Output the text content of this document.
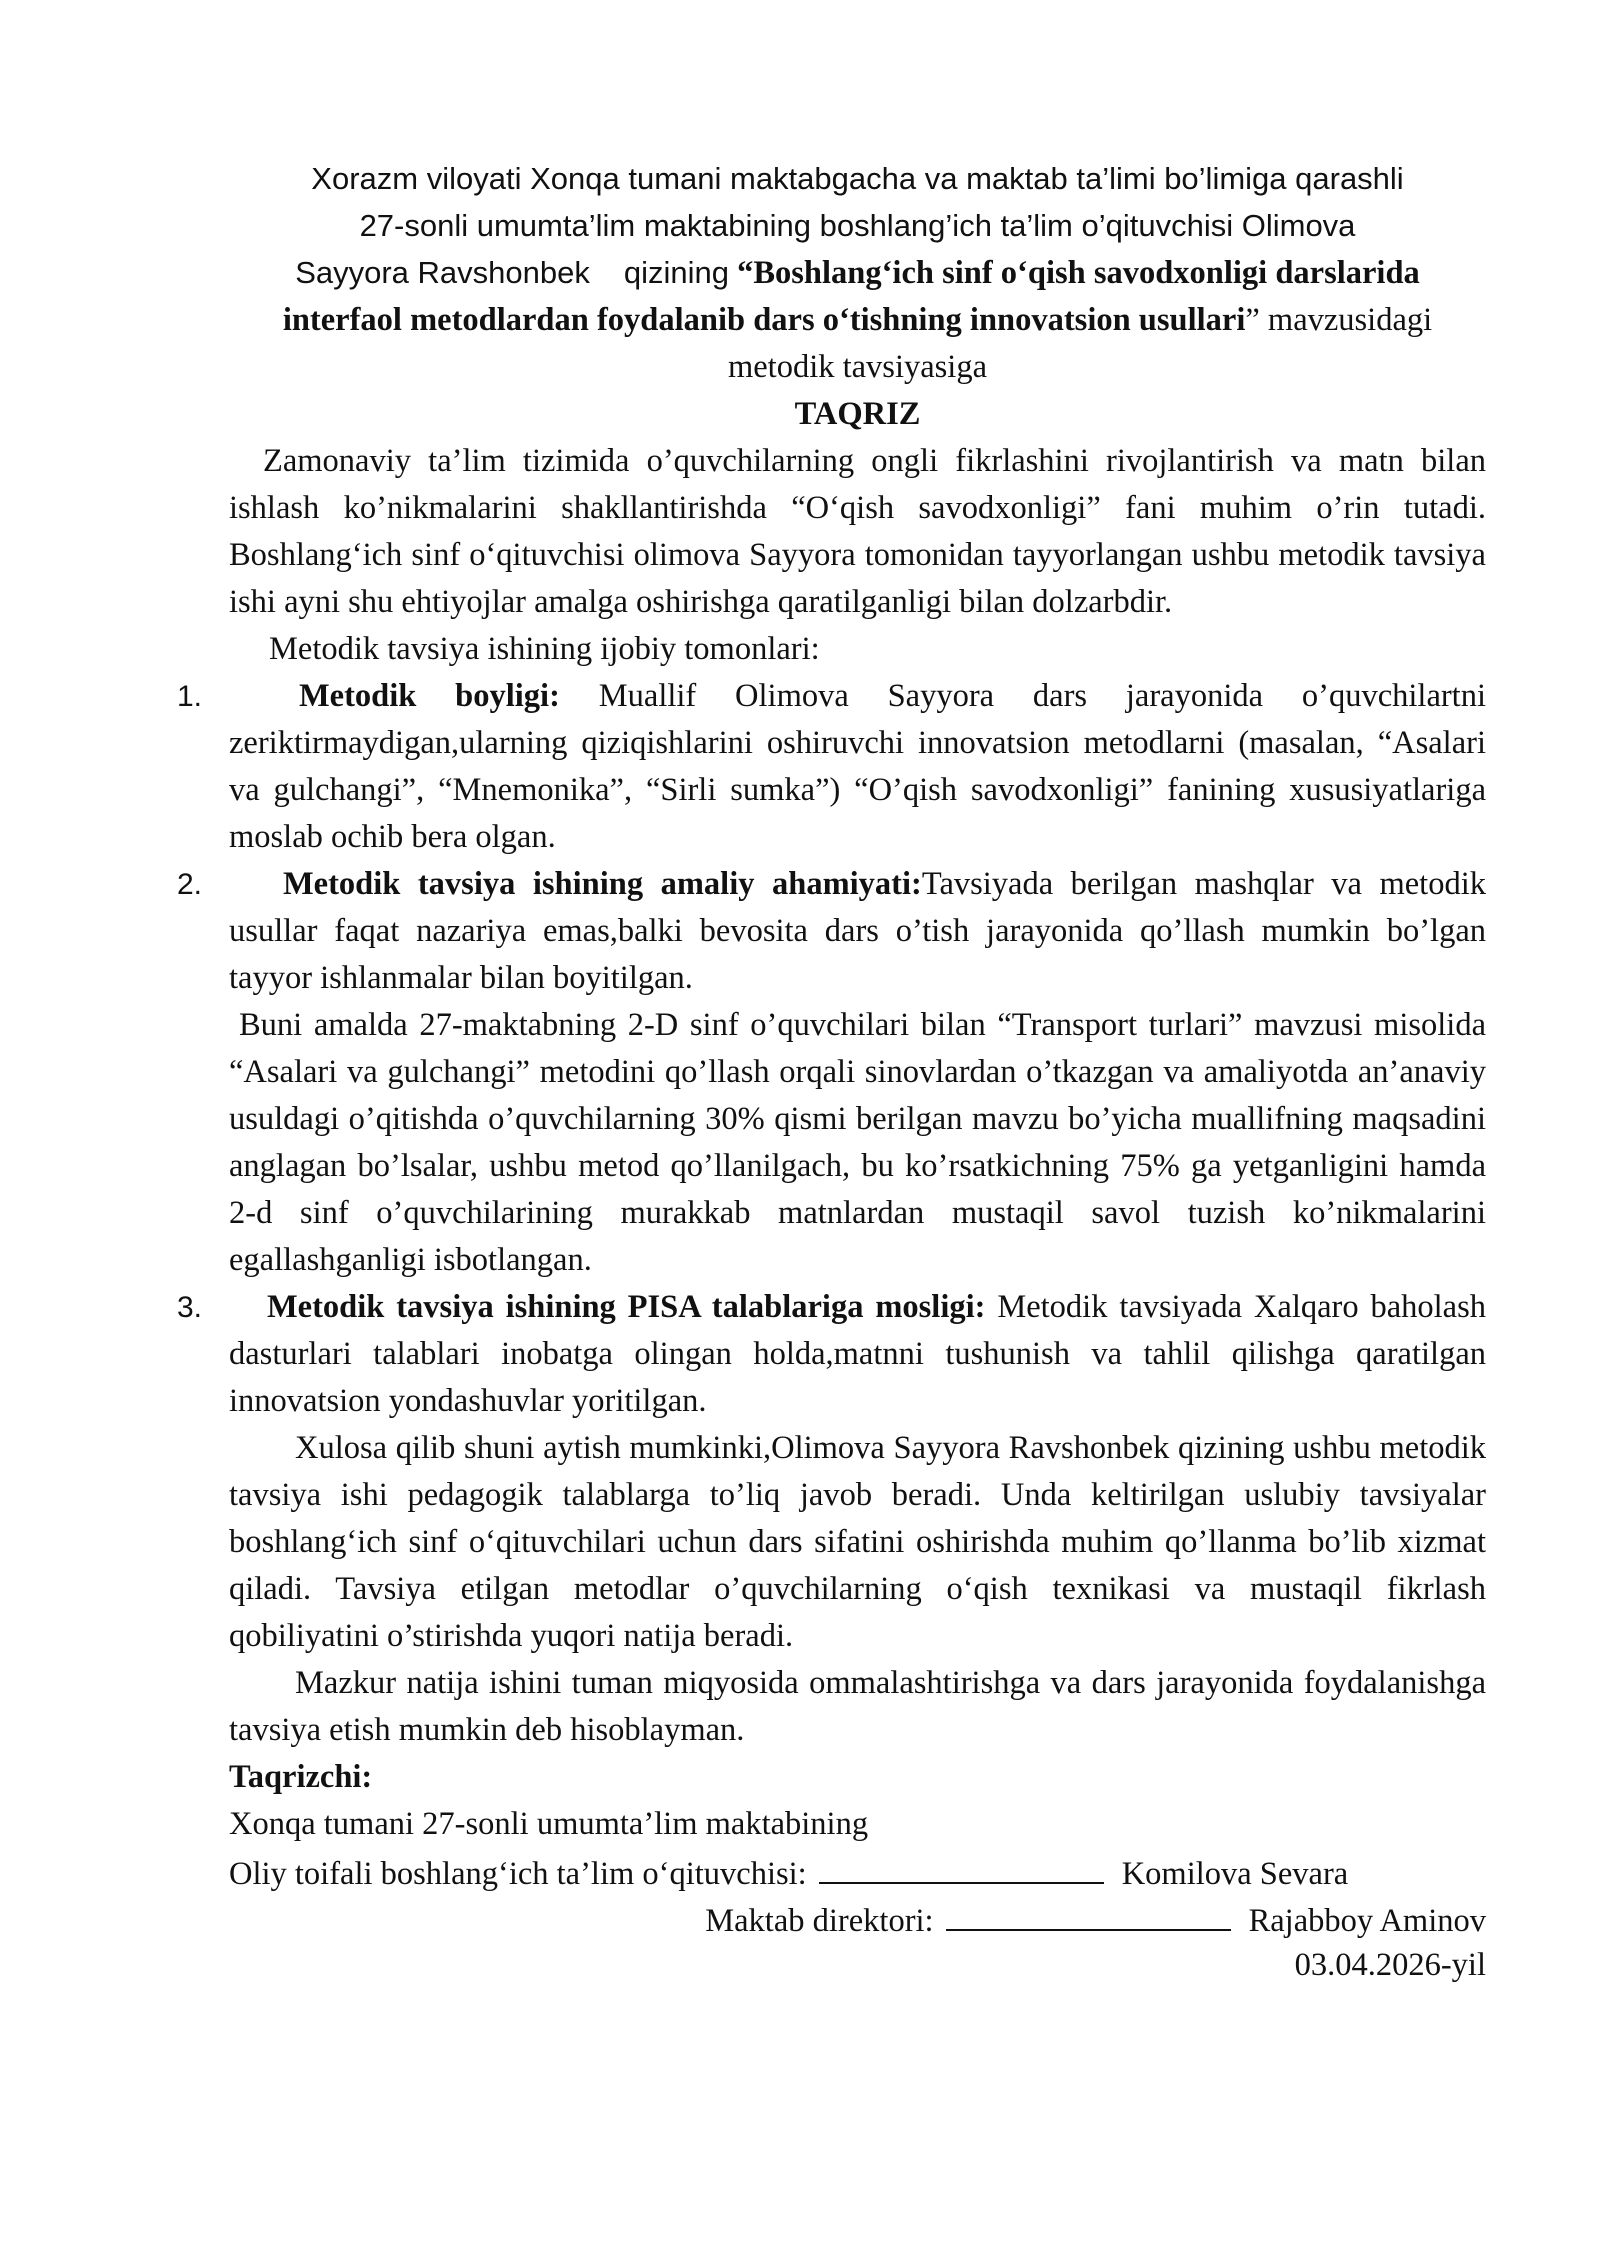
Xorazm viloyati Xonqa tumani maktabgacha va maktab ta’limi bo’limiga qarashli
27-sonli umumta’lim maktabining boshlang’ich ta’lim o’qituvchisi Olimova
Sayyora Ravshonbek qizining “Boshlang‘ich sinf o‘qish savodxonligi darslarida interfaol metodlardan foydalanib dars o‘tishning innovatsion usullari” mavzusidagi metodik tavsiyasiga
TAQRIZ

Zamonaviy ta’lim tizimida o’quvchilarning ongli fikrlashini rivojlantirish va matn bilan ishlash ko’nikmalarini shakllantirishda “O‘qish savodxonligi” fani muhim o’rin tutadi. Boshlang‘ich sinf o‘qituvchisi olimova Sayyora tomonidan tayyorlangan ushbu metodik tavsiya ishi ayni shu ehtiyojlar amalga oshirishga qaratilganligi bilan dolzarbdir.

Metodik tavsiya ishining ijobiy tomonlari:

1.	Metodik boyligi: Muallif Olimova Sayyora dars jarayonida o’quvchilartni zeriktirmaydigan,ularning qiziqishlarini oshiruvchi innovatsion metodlarni (masalan, “Asalari va gulchangi”, “Mnemonika”, “Sirli sumka”) “O’qish savodxonligi” fanining xususiyatlariga moslab ochib bera olgan.

2.	Metodik tavsiya ishining amaliy ahamiyati:Tavsiyada berilgan mashqlar va metodik usullar faqat nazariya emas,balki bevosita dars o’tish jarayonida qo’llash mumkin bo’lgan tayyor ishlanmalar bilan boyitilgan.

Buni amalda 27-maktabning 2-D sinf o’quvchilari bilan “Transport turlari” mavzusi misolida “Asalari va gulchangi” metodini qo’llash orqali sinovlardan o’tkazgan va amaliyotda an’anaviy usuldagi o’qitishda o’quvchilarning 30% qismi berilgan mavzu bo’yicha muallifning maqsadini anglagan bo’lsalar, ushbu metod qo’llanilgach, bu ko’rsatkichning 75% ga yetganligini hamda 2-d sinf o’quvchilarining murakkab matnlardan mustaqil savol tuzish ko’nikmalarini egallashganligi isbotlangan.

3.	Metodik tavsiya ishining PISA talablariga mosligi: Metodik tavsiyada Xalqaro baholash dasturlari talablari inobatga olingan holda,matnni tushunish va tahlil qilishga qaratilgan innovatsion yondashuvlar yoritilgan.

Xulosa qilib shuni aytish mumkinki,Olimova Sayyora Ravshonbek qizining ushbu metodik tavsiya ishi pedagogik talablarga to’liq javob beradi. Unda keltirilgan uslubiy tavsiyalar boshlang‘ich sinf o‘qituvchilari uchun dars sifatini oshirishda muhim qo’llanma bo’lib xizmat qiladi. Tavsiya etilgan metodlar o’quvchilarning o‘qish texnikasi va mustaqil fikrlash qobiliyatini o’stirishda yuqori natija beradi.

Mazkur natija ishini tuman miqyosida ommalashtirishga va dars jarayonida foydalanishga tavsiya etish mumkin deb hisoblayman.

Taqrizchi:
Xonqa tumani 27-sonli umumta’lim maktabining
Oliy toifali boshlang‘ich ta’lim o‘qituvchisi:	Komilova Sevara
Maktab direktori:	Rajabboy Aminov
03.04.2026-yil
